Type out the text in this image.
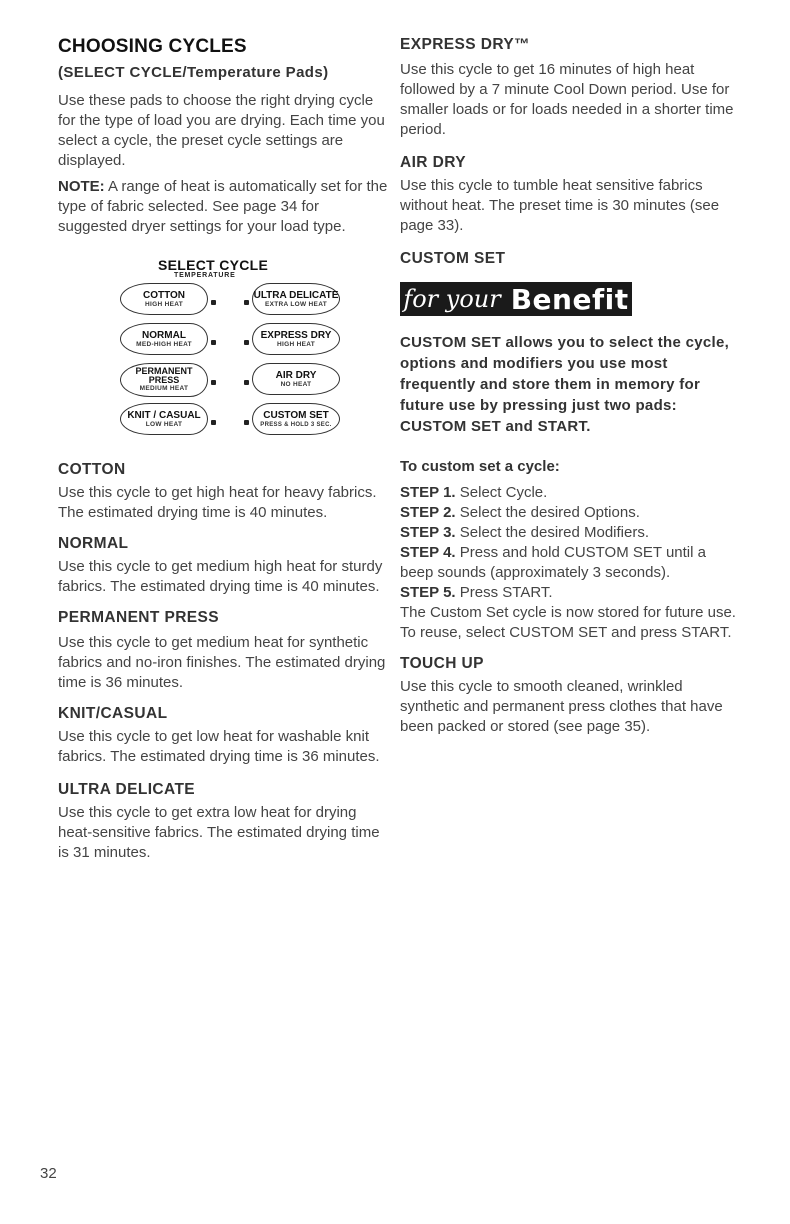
CHOOSING CYCLES
(SELECT CYCLE/Temperature Pads)

Use these pads to choose the right drying cycle for the type of load you are drying. Each time you select a cycle, the preset cycle settings are displayed.

NOTE: A range of heat is automatically set for the type of fabric selected. See page 34 for suggested dryer settings for your load type.

SELECT CYCLE
TEMPERATURE
COTTON
HIGH HEAT
ULTRA DELICATE
EXTRA LOW HEAT
NORMAL
MED-HIGH HEAT
EXPRESS DRY
HIGH HEAT
PERMANENT PRESS
MEDIUM HEAT
AIR DRY
NO HEAT
KNIT / CASUAL
LOW HEAT
CUSTOM SET
PRESS & HOLD 3 SEC.
COTTON

Use this cycle to get high heat for heavy fabrics. The estimated drying time is 40 minutes.

NORMAL

Use this cycle to get medium high heat for sturdy fabrics. The estimated drying time is 40 minutes.

PERMANENT PRESS

Use this cycle to get medium heat for synthetic fabrics and no-iron finishes. The estimated drying time is 36 minutes.

KNIT/CASUAL

Use this cycle to get low heat for washable knit fabrics. The estimated drying time is 36 minutes.

ULTRA DELICATE

Use this cycle to get extra low heat for drying heat-sensitive fabrics. The estimated drying time is 31 minutes.

EXPRESS DRY™

Use this cycle to get 16 minutes of high heat followed by a 7 minute Cool Down period. Use for smaller loads or for loads needed in a shorter time period.

AIR DRY

Use this cycle to tumble heat sensitive fabrics without heat. The preset time is 30 minutes (see page 33).

CUSTOM SET
for your Benefit

CUSTOM SET allows you to select the cycle, options and modifiers you use most frequently and store them in memory for future use by pressing just two pads: CUSTOM SET and START.

To custom set a cycle:

STEP 1. Select Cycle.

STEP 2. Select the desired Options.

STEP 3. Select the desired Modifiers.

STEP 4. Press and hold CUSTOM SET until a beep sounds (approximately 3 seconds).

STEP 5. Press START.

The Custom Set cycle is now stored for future use. To reuse, select CUSTOM SET and press START.

TOUCH UP

Use this cycle to smooth cleaned, wrinkled synthetic and permanent press clothes that have been packed or stored (see page 35).

32
